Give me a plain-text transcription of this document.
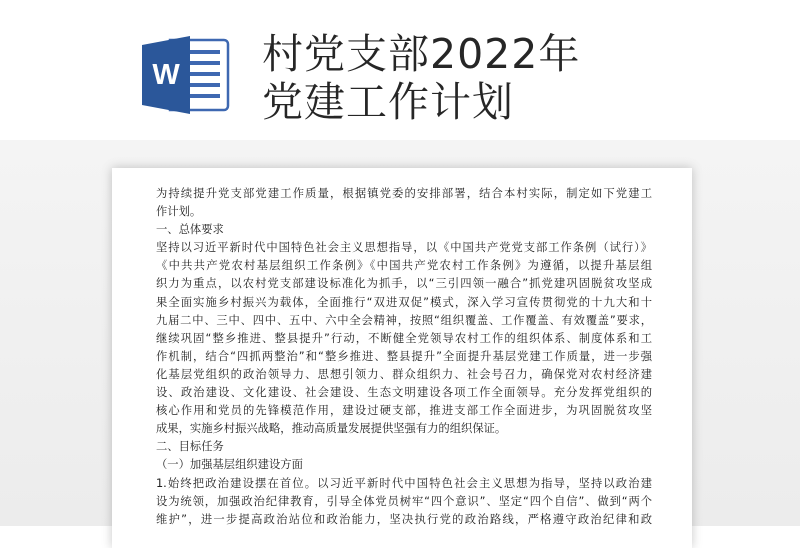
W 村党支部2022年
党建工作计划
为持续提升党支部党建工作质量，根据镇党委的安排部署，结合本村实际，制定如下党建工
作计划。
一、总体要求
坚持以习近平新时代中国特色社会主义思想指导，以《中国共产党党支部工作条例（试行）》
《中共共产党农村基层组织工作条例》《中国共产党农村工作条例》为遵循，以提升基层组
织力为重点，以农村党支部建设标准化为抓手，以“三引四领一融合”抓党建巩固脱贫攻坚成
果全面实施乡村振兴为载体，全面推行“双进双促”模式，深入学习宣传贯彻党的十九大和十
九届二中、三中、四中、五中、六中全会精神，按照“组织覆盖、工作覆盖、有效覆盖”要求，
继续巩固“整乡推进、整县提升”行动，不断健全党领导农村工作的组织体系、制度体系和工
作机制，结合“四抓两整治”和“整乡推进、整县提升”全面提升基层党建工作质量，进一步强
化基层党组织的政治领导力、思想引领力、群众组织力、社会号召力，确保党对农村经济建
设、政治建设、文化建设、社会建设、生态文明建设各项工作全面领导。充分发挥党组织的
核心作用和党员的先锋模范作用，建设过硬支部，推进支部工作全面进步，为巩固脱贫攻坚
成果，实施乡村振兴战略，推动高质量发展提供坚强有力的组织保证。
二、目标任务
（一）加强基层组织建设方面
1.始终把政治建设摆在首位。以习近平新时代中国特色社会主义思想为指导，坚持以政治建
设为统领，加强政治纪律教育，引导全体党员树牢“四个意识”、坚定“四个自信”、做到“两个
维护”，进一步提高政治站位和政治能力，坚决执行党的政治路线，严格遵守政治纪律和政
